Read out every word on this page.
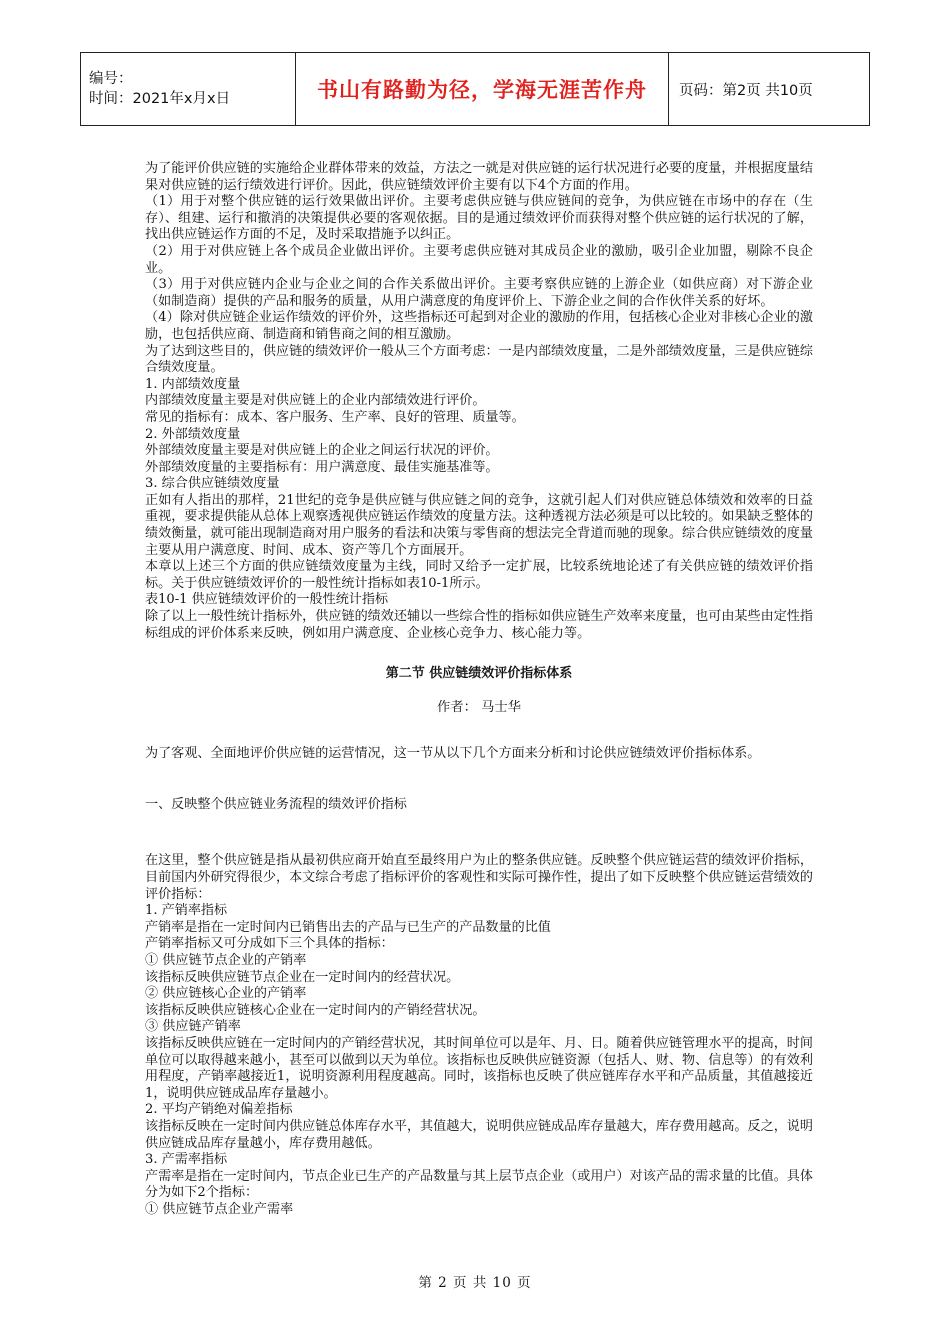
编号：
时间：2021年x月x日	书山有路勤为径，学海无涯苦作舟	页码：第2页 共10页

为了能评价供应链的实施给企业群体带来的效益，方法之一就是对供应链的运行状况进行必要的度量，并根据度量结果对供应链的运行绩效进行评价。因此，供应链绩效评价主要有以下4个方面的作用。

（1）用于对整个供应链的运行效果做出评价。主要考虑供应链与供应链间的竞争，为供应链在市场中的存在（生存）、组建、运行和撤消的决策提供必要的客观依据。目的是通过绩效评价而获得对整个供应链的运行状况的了解，找出供应链运作方面的不足，及时采取措施予以纠正。

（2）用于对供应链上各个成员企业做出评价。主要考虑供应链对其成员企业的激励，吸引企业加盟，剔除不良企业。

（3）用于对供应链内企业与企业之间的合作关系做出评价。主要考察供应链的上游企业（如供应商）对下游企业（如制造商）提供的产品和服务的质量，从用户满意度的角度评价上、下游企业之间的合作伙伴关系的好坏。

（4）除对供应链企业运作绩效的评价外，这些指标还可起到对企业的激励的作用，包括核心企业对非核心企业的激励，也包括供应商、制造商和销售商之间的相互激励。

为了达到这些目的，供应链的绩效评价一般从三个方面考虑：一是内部绩效度量，二是外部绩效度量，三是供应链综合绩效度量。

1. 内部绩效度量

内部绩效度量主要是对供应链上的企业内部绩效进行评价。

常见的指标有：成本、客户服务、生产率、良好的管理、质量等。

2. 外部绩效度量

外部绩效度量主要是对供应链上的企业之间运行状况的评价。

外部绩效度量的主要指标有：用户满意度、最佳实施基准等。

3. 综合供应链绩效度量

正如有人指出的那样，21世纪的竞争是供应链与供应链之间的竞争，这就引起人们对供应链总体绩效和效率的日益重视，要求提供能从总体上观察透视供应链运作绩效的度量方法。这种透视方法必须是可以比较的。如果缺乏整体的绩效衡量，就可能出现制造商对用户服务的看法和决策与零售商的想法完全背道而驰的现象。综合供应链绩效的度量主要从用户满意度、时间、成本、资产等几个方面展开。

本章以上述三个方面的供应链绩效度量为主线，同时又给予一定扩展，比较系统地论述了有关供应链的绩效评价指标。关于供应链绩效评价的一般性统计指标如表10-1所示。

表10-1 供应链绩效评价的一般性统计指标

除了以上一般性统计指标外，供应链的绩效还辅以一些综合性的指标如供应链生产效率来度量，也可由某些由定性指标组成的评价体系来反映，例如用户满意度、企业核心竞争力、核心能力等。

第二节 供应链绩效评价指标体系
作者： 马士华

为了客观、全面地评价供应链的运营情况，这一节从以下几个方面来分析和讨论供应链绩效评价指标体系。

一、反映整个供应链业务流程的绩效评价指标

在这里，整个供应链是指从最初供应商开始直至最终用户为止的整条供应链。反映整个供应链运营的绩效评价指标，目前国内外研究得很少，本文综合考虑了指标评价的客观性和实际可操作性，提出了如下反映整个供应链运营绩效的评价指标：

1. 产销率指标

产销率是指在一定时间内已销售出去的产品与已生产的产品数量的比值

产销率指标又可分成如下三个具体的指标：

① 供应链节点企业的产销率

该指标反映供应链节点企业在一定时间内的经营状况。

② 供应链核心企业的产销率

该指标反映供应链核心企业在一定时间内的产销经营状况。

③ 供应链产销率

该指标反映供应链在一定时间内的产销经营状况，其时间单位可以是年、月、日。随着供应链管理水平的提高，时间单位可以取得越来越小，甚至可以做到以天为单位。该指标也反映供应链资源（包括人、财、物、信息等）的有效利用程度，产销率越接近1，说明资源利用程度越高。同时，该指标也反映了供应链库存水平和产品质量，其值越接近1，说明供应链成品库存量越小。

2. 平均产销绝对偏差指标

该指标反映在一定时间内供应链总体库存水平，其值越大，说明供应链成品库存量越大，库存费用越高。反之，说明供应链成品库存量越小，库存费用越低。

3. 产需率指标

产需率是指在一定时间内，节点企业已生产的产品数量与其上层节点企业（或用户）对该产品的需求量的比值。具体分为如下2个指标：

① 供应链节点企业产需率

第 2 页 共 10 页
